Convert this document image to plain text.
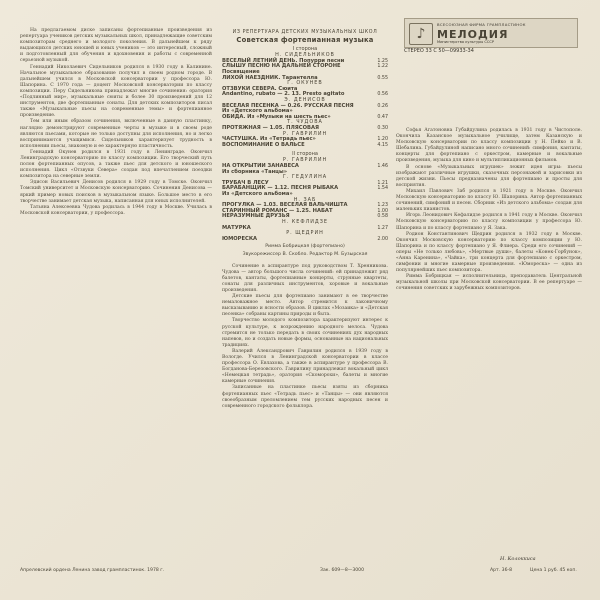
На предлагаемом диске записаны фортепианные произведения из репертуара учеников детских музыкальных школ, принадлежащие советским композиторам среднего и молодого поколения. В дальнейшем к ряду выдающихся детских юношей и юных учеников — это интересный, сложный и подготовленный для обучения и вдохновения и работы с современной серьезной музыкой.

Геннадий Николаевич Сидельников родился в 1930 году в Калинине. Начальное музыкальное образование получил в своем родном городе. В дальнейшем учился в Московской консерватории у профессора Ю. Шапорина. С 1970 года — доцент Московской консерватории по классу композиции. Перу Сидельникова принадлежат многие сочинения: оратория «Подлинный мир», музыкальные сюиты и более 30 произведений для 12 инструментов, две фортепианные сонаты. Для детских композиторов писал также «Музыкальные пьесы на современные темы» и фортепианное произведение.

Тем или иным образом сочинения, включенные в данную пластинку, наглядно демонстрируют современные черты в музыке и в своем роде являются пьесами, которые не только доступны для исполнения, но и легко воспринимаются учащимися. Сидельников характеризует трудность в исполнении пьесы, знакомую и ее характерную пластичность.

Геннадий Окунев родился в 1931 году в Ленинграде. Окончил Ленинградскую консерваторию по классу композиции. Его творческий путь полон фортепианных опусов, а также пьес для детского и юношеского исполнения. Цикл «Отзвуки Севера» создан под впечатлением поездки композитора на северные земли.

Эдисон Васильевич Денисов родился в 1929 году в Томске. Окончил Томский университет и Московскую консерваторию. Сочинения Денисова — яркий пример новых поисков в музыкальном языке. Большое место в его творчестве занимает детская музыка, написанная для юных исполнителей.

Татьяна Алексеевна Чудова родилась в 1944 году в Москве. Училась в Московской консерватории, у профессора.

ИЗ РЕПЕРТУАРА ДЕТСКИХ МУЗЫКАЛЬНЫХ ШКОЛ
Советская фортепианная музыка
I сторона
Н. СИДЕЛЬНИКОВ
ВЕСЕЛЫЙ ЛЕТНИЙ ДЕНЬ. Попурри песни	1.25
СЛЫШУ ПЕСНЮ НА ДАЛЬНЕЙ СТОРОНЕ	1.22
Посвящение
ЛИХОЙ НАЕЗДНИК. Тарантелла	0.55
Г. ОКУНЕВ
ОТЗВУКИ СЕВЕРА. Сюита
Andantino, rubato — 2. 13. Presto agitato	0.56
Э. ДЕНИСОВ
ВЕСЕЛАЯ ПЕСЕНКА — 0.26. РУССКАЯ ПЕСНЯ	0.26
Из «Детского альбома»
ОБИДА. Из «Музыки на шесть пьес»	0.47
Т. ЧУДОВА
ПРОТЯЖНАЯ — 1.05. ПЛЯСОВАЯ	0.30
Р. ГАВРИЛИН
ЧАСТУШКА. Из «Тетрадь пьес»	1.20
ВОСПОМИНАНИЕ О ВАЛЬСЕ	4.15
II сторона
Р. ГАВРИЛИН
НА ОТКРЫТИИ ЗАНАВЕСА	1.46
Из сборника «Танцы»
Г. ГЕДУЛИНА
ТРУБАЧ В ЛЕСУ	1.21
БАРАБАНЩИК — 1.12. ПЕСНЯ РЫБАКА	1.54
Из «Детского альбома»
Н. ЗАБ
ПРОГУЛКА — 1.03. ВЕСЕЛАЯ ВАЛЬЧИШТА	1.23
СТАРИННЫЙ РОМАНС — 1.25. НАБАТ	1.00
НЕРАЗУМНЫЕ ДРУЗЬЯ	0.58
Н. КЕФЛИДЗЕ
МАТУРКА	1.27
Р. ЩЕДРИН
ЮМОРЕСКА	2.00
Римма Бобрицкая (фортепиано)
Звукорежиссер В. Скобло. Редактор М. Бузырская

Сочинение в аспирантуре под руководством Т. Хренникова. Чудова — автор большого числа сочинений: ей принадлежит ряд балетов, кантаты, фортепианные концерты, струнные квартеты, сонаты для различных инструментов, хоровые и вокальные произведения.

Детские пьесы для фортепиано занимают в ее творчестве немаловажное место. Автор стремится к лаконичному высказыванию и ясности образов. В циклах «Мозаика» и «Детская песенка» собраны картины природы и быта.

Творчество молодого композитора характеризуют интерес к русской культуре, к возрождению народного мелоса. Чудова стремится не только передать в своих сочинениях дух народных напевов, но и создать новые формы, основанные на национальных традициях.

Валерий Александрович Гаврилин родился в 1939 году в Вологде. Учился в Ленинградской консерватории в классе профессора О. Евлахова, а также в аспирантуре у профессора В. Богданова-Березовского. Гаврилину принадлежат вокальный цикл «Немецкая тетрадь», оратория «Скоморохи», балеты и многие камерные сочинения.

Записанные на пластинке пьесы взяты из сборника фортепианных пьес «Тетрадь пьес» и «Танцы» — они являются своеобразным преломлением тем русских народных песен и современного городского фольклора.

♪
ВСЕСОЮЗНАЯ ФИРМА ГРАМПЛАСТИНОК
МЕЛОДИЯ
Министерство культуры СССР
СТЕРЕО 33 С 50—09933-34

Софья Агатоновна Губайдулина родилась в 1931 году в Чистополе. Окончила Казанское музыкальное училище, затем Казанскую и Московскую консерватории по классу композиции у Н. Пейко и В. Шебалина. Губайдулиной написано много сочинений: симфония, кантаты, концерты для фортепиано с оркестром, камерные и вокальные произведения, музыка для кино и мультипликационных фильмов.

В основе «Музыкальных игрушек» лежит идея игры: пьесы изображают различные игрушки, сказочных персонажей и зарисовки из детской жизни. Пьесы предназначены для фортепиано и просты для восприятия.

Михаил Павлович Заб родился в 1921 году в Москве. Окончил Московскую консерваторию по классу Ю. Шапорина. Автор фортепианных сочинений, симфоний и песен. Сборник «Из детского альбома» создан для маленьких пианистов.

Игорь Леонидович Кефалидзе родился в 1941 году в Москве. Окончил Московскую консерваторию по классу композиции у профессора Ю. Шапорина и по классу фортепиано у Я. Зака.

Родион Константинович Щедрин родился в 1932 году в Москве. Окончил Московскую консерваторию по классу композиции у Ю. Шапорина и по классу фортепиано у Я. Флиера. Среди его сочинений — оперы «Не только любовь», «Мертвые души», балеты «Конек-Горбунок», «Анна Каренина», «Чайка», три концерта для фортепиано с оркестром, симфонии и многие камерные произведения. «Юмореска» — одна из популярнейших пьес композитора.

Римма Бобрицкая — исполнительница, преподаватель Центральной музыкальной школы при Московской консерватории. В ее репертуаре — сочинения советских и зарубежных композиторов.

Н. Колоккиса
Апрелевский ордена Ленина завод грампластинок. 1978 г.	Зак. 609—8—3000	Арт. 36-8	Цена 1 руб. 45 коп.
